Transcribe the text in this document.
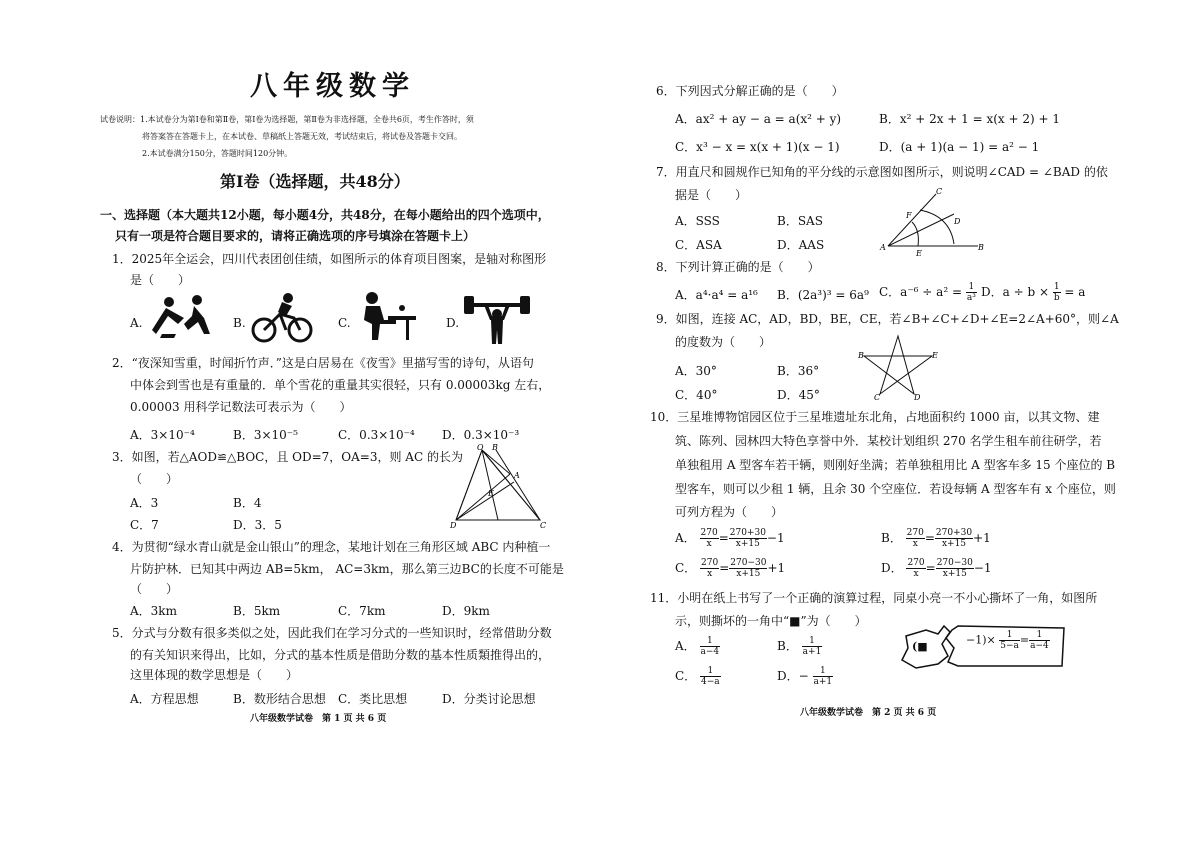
八年级数学
试卷说明：1.本试卷分为第Ⅰ卷和第Ⅱ卷，第Ⅰ卷为选择题，第Ⅱ卷为非选择题，全卷共6页，考生作答时，须
将答案答在答题卡上，在本试卷、草稿纸上答题无效，考试结束后，将试卷及答题卡交回。
2.本试卷满分150分，答题时间120分钟。
第Ⅰ卷（选择题，共48分）
一、选择题（本大题共12小题，每小题4分，共48分，在每小题给出的四个选项中，
只有一项是符合题目要求的，请将正确选项的序号填涂在答题卡上）
1．2025年全运会，四川代表团创佳绩，如图所示的体育项目图案，是轴对称图形
是（　　）
A.	B.	C.	D.
2．“夜深知雪重，时闻折竹声．”这是白居易在《夜雪》里描写雪的诗句，从语句
中体会到雪也是有重量的．单个雪花的重量其实很轻，只有 0.00003kg 左右，
0.00003 用科学记数法可表示为（　　）
A．3×10⁻⁴	B．3×10⁻⁵	C．0.3×10⁻⁴ D．0.3×10⁻³
3．如图，若△AOD≌△BOC，且 OD=7，OA=3，则 AC 的长为
（　　）
A．3	B．4
C．7	D．3．5
O B
E
A
D	C
4．为贯彻“绿水青山就是金山银山”的理念，某地计划在三角形区域 ABC 内种植一
片防护林．已知其中两边 AB=5km， AC=3km，那么第三边BC的长度不可能是
（　　）
A．3km	B．5km	C．7km	D．9km
5．分式与分数有很多类似之处，因此我们在学习分式的一些知识时，经常借助分数
的有关知识来得出，比如，分式的基本性质是借助分数的基本性质類推得出的，
这里体现的数学思想是（　　）
A．方程思想	B．数形结合思想 C．类比思想	D．分类讨论思想
八年级数学试卷　第 1 页 共 6 页
6．下列因式分解正确的是（　　）
A．ax² + ay − a = a(x² + y)	B．x² + 2x + 1 = x(x + 2) + 1
C．x³ − x = x(x + 1)(x − 1)	D．(a + 1)(a − 1) = a² − 1
7．用直尺和圆规作已知角的平分线的示意图如图所示，则说明∠CAD = ∠BAD 的依
据是（　　）
A．SSS	B．SAS
C．ASA	D．AAS
C
F
D
A
E
B
8．下列计算正确的是（　　）
A．a⁴·a⁴ = a¹⁶ B．(2a³)³ = 6a⁹ C．$a^{-6} \div a^2 = \frac{1}{\text{a³}}$ D．$a \div b \times \frac{1}{b} = a$
9．如图，连接 AC，AD，BD，BE，CE，若∠B+∠C+∠D+∠E=2∠A+60°，则∠A
的度数为（　　）
A．30°	B．36°
C．40°	D．45°
B	E
C	D
10．三星堆博物馆园区位于三星堆遗址东北角，占地面积约 1000 亩，以其文物、建
筑、陈列、园林四大特色享誉中外．某校计划组织 270 名学生租车前往研学，若
单独租用 A 型客车若干辆，则刚好坐满；若单独租用比 A 型客车多 15 个座位的 B
型客车，则可以少租 1 辆，且余 30 个空座位．若设每辆 A 型客车有 x 个座位，则
可列方程为（　　）
A． $\frac{270}{x} = \frac{270+30}{x+15} -1$	B． $\frac{270}{x} = \frac{270+30}{x+15} +1$
C． $\frac{270}{x} = \frac{270-30}{x+15} +1$	D． $\frac{270}{x} = \frac{270-30}{x+15} -1$
11．小明在纸上书写了一个正确的演算过程，同桌小亮一不小心撕坏了一角，如图所
示，则撕坏的一角中“■”为（　　）
A． $\frac{1}{a-4}$	B． $\frac{1}{a+1}$
C． $\frac{1}{4-a}$	D．− $\frac{1}{a+1}$
(■	$-1)\times \frac{1}{5-a} = \frac{1}{a-4}$
八年级数学试卷　第 2 页 共 6 页
